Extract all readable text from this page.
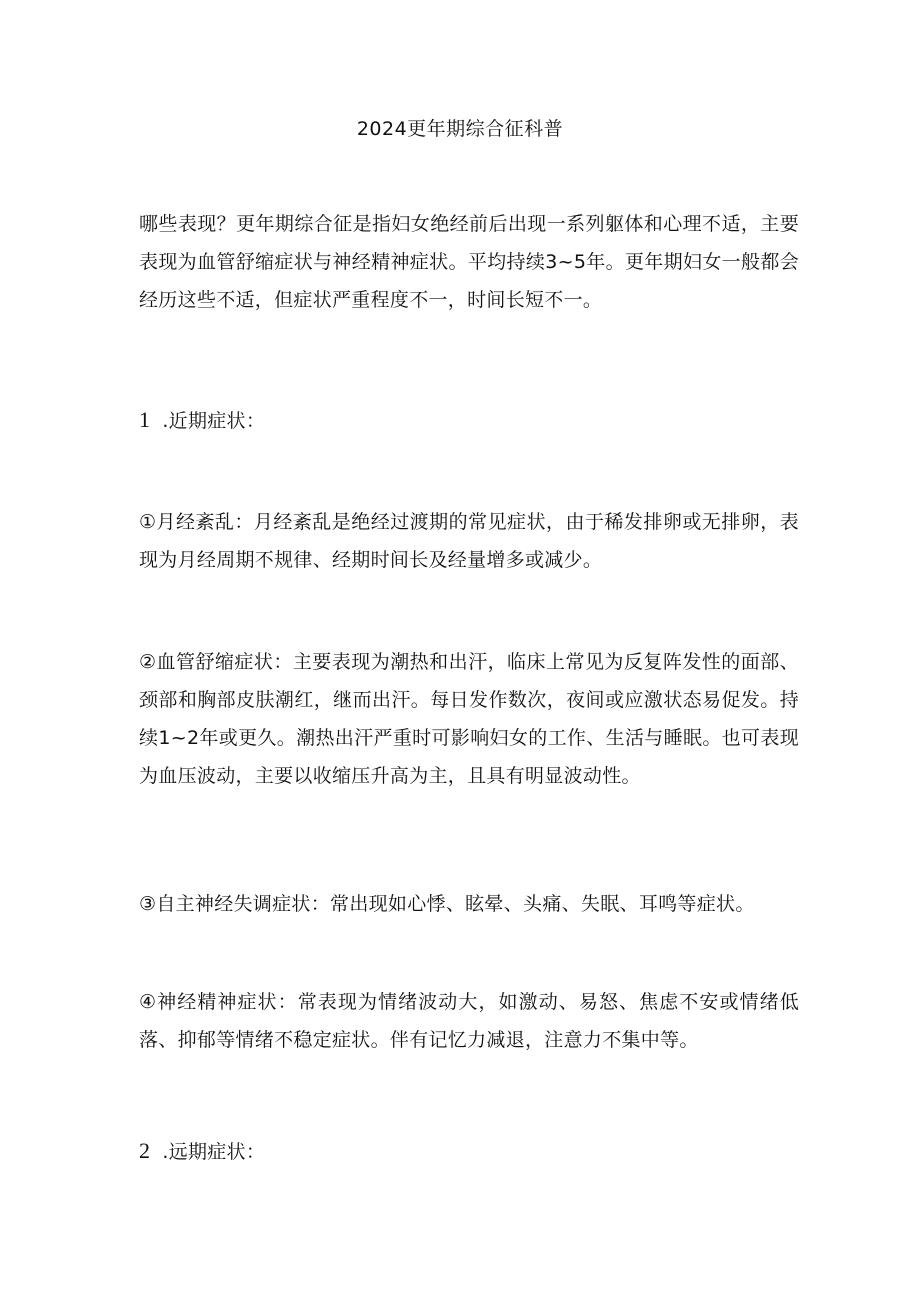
2024更年期综合征科普

哪些表现？更年期综合征是指妇女绝经前后出现一系列躯体和心理不适，主要表现为血管舒缩症状与神经精神症状。平均持续3~5年。更年期妇女一般都会经历这些不适，但症状严重程度不一，时间长短不一。

1 .近期症状：

①月经紊乱：月经紊乱是绝经过渡期的常见症状，由于稀发排卵或无排卵，表现为月经周期不规律、经期时间长及经量增多或减少。

②血管舒缩症状：主要表现为潮热和出汗，临床上常见为反复阵发性的面部、颈部和胸部皮肤潮红，继而出汗。每日发作数次，夜间或应激状态易促发。持续1~2年或更久。潮热出汗严重时可影响妇女的工作、生活与睡眠。也可表现为血压波动，主要以收缩压升高为主，且具有明显波动性。

③自主神经失调症状：常出现如心悸、眩晕、头痛、失眠、耳鸣等症状。

④神经精神症状：常表现为情绪波动大，如激动、易怒、焦虑不安或情绪低落、抑郁等情绪不稳定症状。伴有记忆力减退，注意力不集中等。

2 .远期症状：
